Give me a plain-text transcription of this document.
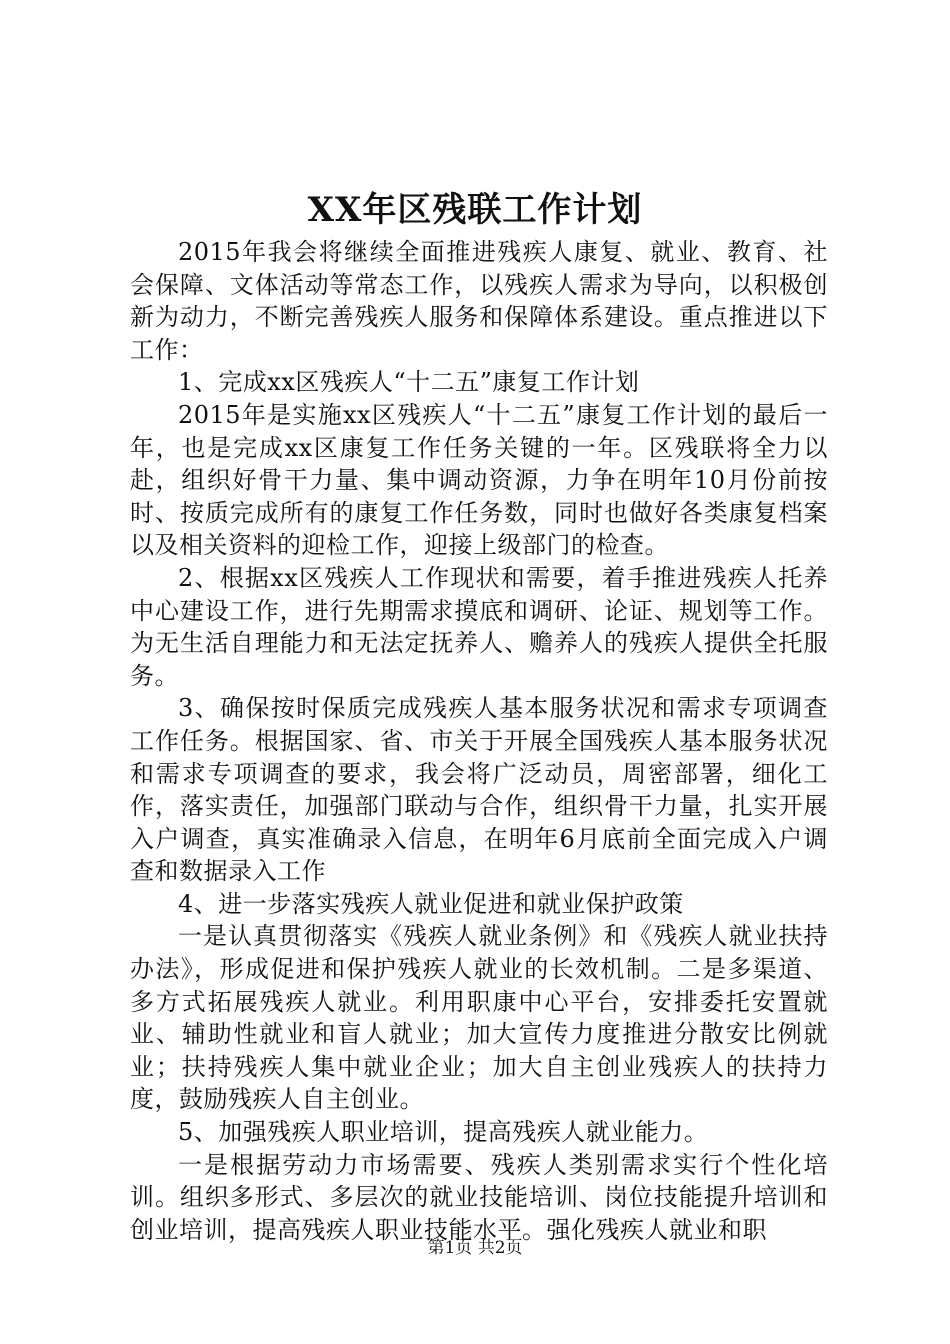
XX年区残联工作计划

2015年我会将继续全面推进残疾人康复、就业、教育、社会保障、文体活动等常态工作，以残疾人需求为导向，以积极创新为动力，不断完善残疾人服务和保障体系建设。重点推进以下工作：

1、完成xx区残疾人“十二五”康复工作计划

2015年是实施xx区残疾人“十二五”康复工作计划的最后一年，也是完成xx区康复工作任务关键的一年。区残联将全力以赴，组织好骨干力量、集中调动资源，力争在明年10月份前按时、按质完成所有的康复工作任务数，同时也做好各类康复档案以及相关资料的迎检工作，迎接上级部门的检查。

2、根据xx区残疾人工作现状和需要，着手推进残疾人托养中心建设工作，进行先期需求摸底和调研、论证、规划等工作。为无生活自理能力和无法定抚养人、赡养人的残疾人提供全托服务。

3、确保按时保质完成残疾人基本服务状况和需求专项调查工作任务。根据国家、省、市关于开展全国残疾人基本服务状况和需求专项调查的要求，我会将广泛动员，周密部署，细化工作，落实责任，加强部门联动与合作，组织骨干力量，扎实开展入户调查，真实准确录入信息，在明年6月底前全面完成入户调查和数据录入工作

4、进一步落实残疾人就业促进和就业保护政策

一是认真贯彻落实《残疾人就业条例》和《残疾人就业扶持办法》，形成促进和保护残疾人就业的长效机制。二是多渠道、多方式拓展残疾人就业。利用职康中心平台，安排委托安置就业、辅助性就业和盲人就业；加大宣传力度推进分散安比例就业；扶持残疾人集中就业企业；加大自主创业残疾人的扶持力度，鼓励残疾人自主创业。

5、加强残疾人职业培训，提高残疾人就业能力。

一是根据劳动力市场需要、残疾人类别需求实行个性化培训。组织多形式、多层次的就业技能培训、岗位技能提升培训和创业培训，提高残疾人职业技能水平。强化残疾人就业和职

第1页 共2页
